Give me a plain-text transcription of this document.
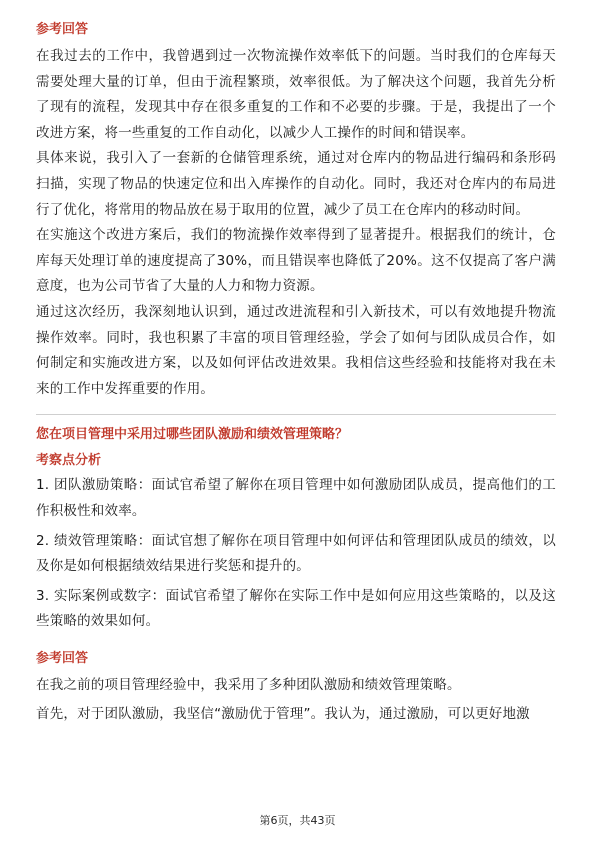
参考回答

在我过去的工作中，我曾遇到过一次物流操作效率低下的问题。当时我们的仓库每天需要处理大量的订单，但由于流程繁琐，效率很低。为了解决这个问题，我首先分析了现有的流程，发现其中存在很多重复的工作和不必要的步骤。于是，我提出了一个改进方案，将一些重复的工作自动化，以减少人工操作的时间和错误率。

具体来说，我引入了一套新的仓储管理系统，通过对仓库内的物品进行编码和条形码扫描，实现了物品的快速定位和出入库操作的自动化。同时，我还对仓库内的布局进行了优化，将常用的物品放在易于取用的位置，减少了员工在仓库内的移动时间。

在实施这个改进方案后，我们的物流操作效率得到了显著提升。根据我们的统计，仓库每天处理订单的速度提高了30%，而且错误率也降低了20%。这不仅提高了客户满意度，也为公司节省了大量的人力和物力资源。

通过这次经历，我深刻地认识到，通过改进流程和引入新技术，可以有效地提升物流操作效率。同时，我也积累了丰富的项目管理经验，学会了如何与团队成员合作，如何制定和实施改进方案，以及如何评估改进效果。我相信这些经验和技能将对我在未来的工作中发挥重要的作用。

您在项目管理中采用过哪些团队激励和绩效管理策略？
考察点分析

1. 团队激励策略：面试官希望了解你在项目管理中如何激励团队成员，提高他们的工作积极性和效率。

2. 绩效管理策略：面试官想了解你在项目管理中如何评估和管理团队成员的绩效，以及你是如何根据绩效结果进行奖惩和提升的。

3. 实际案例或数字：面试官希望了解你在实际工作中是如何应用这些策略的，以及这些策略的效果如何。

参考回答

在我之前的项目管理经验中，我采用了多种团队激励和绩效管理策略。

首先，对于团队激励，我坚信“激励优于管理”。我认为，通过激励，可以更好地激

第6页，共43页
